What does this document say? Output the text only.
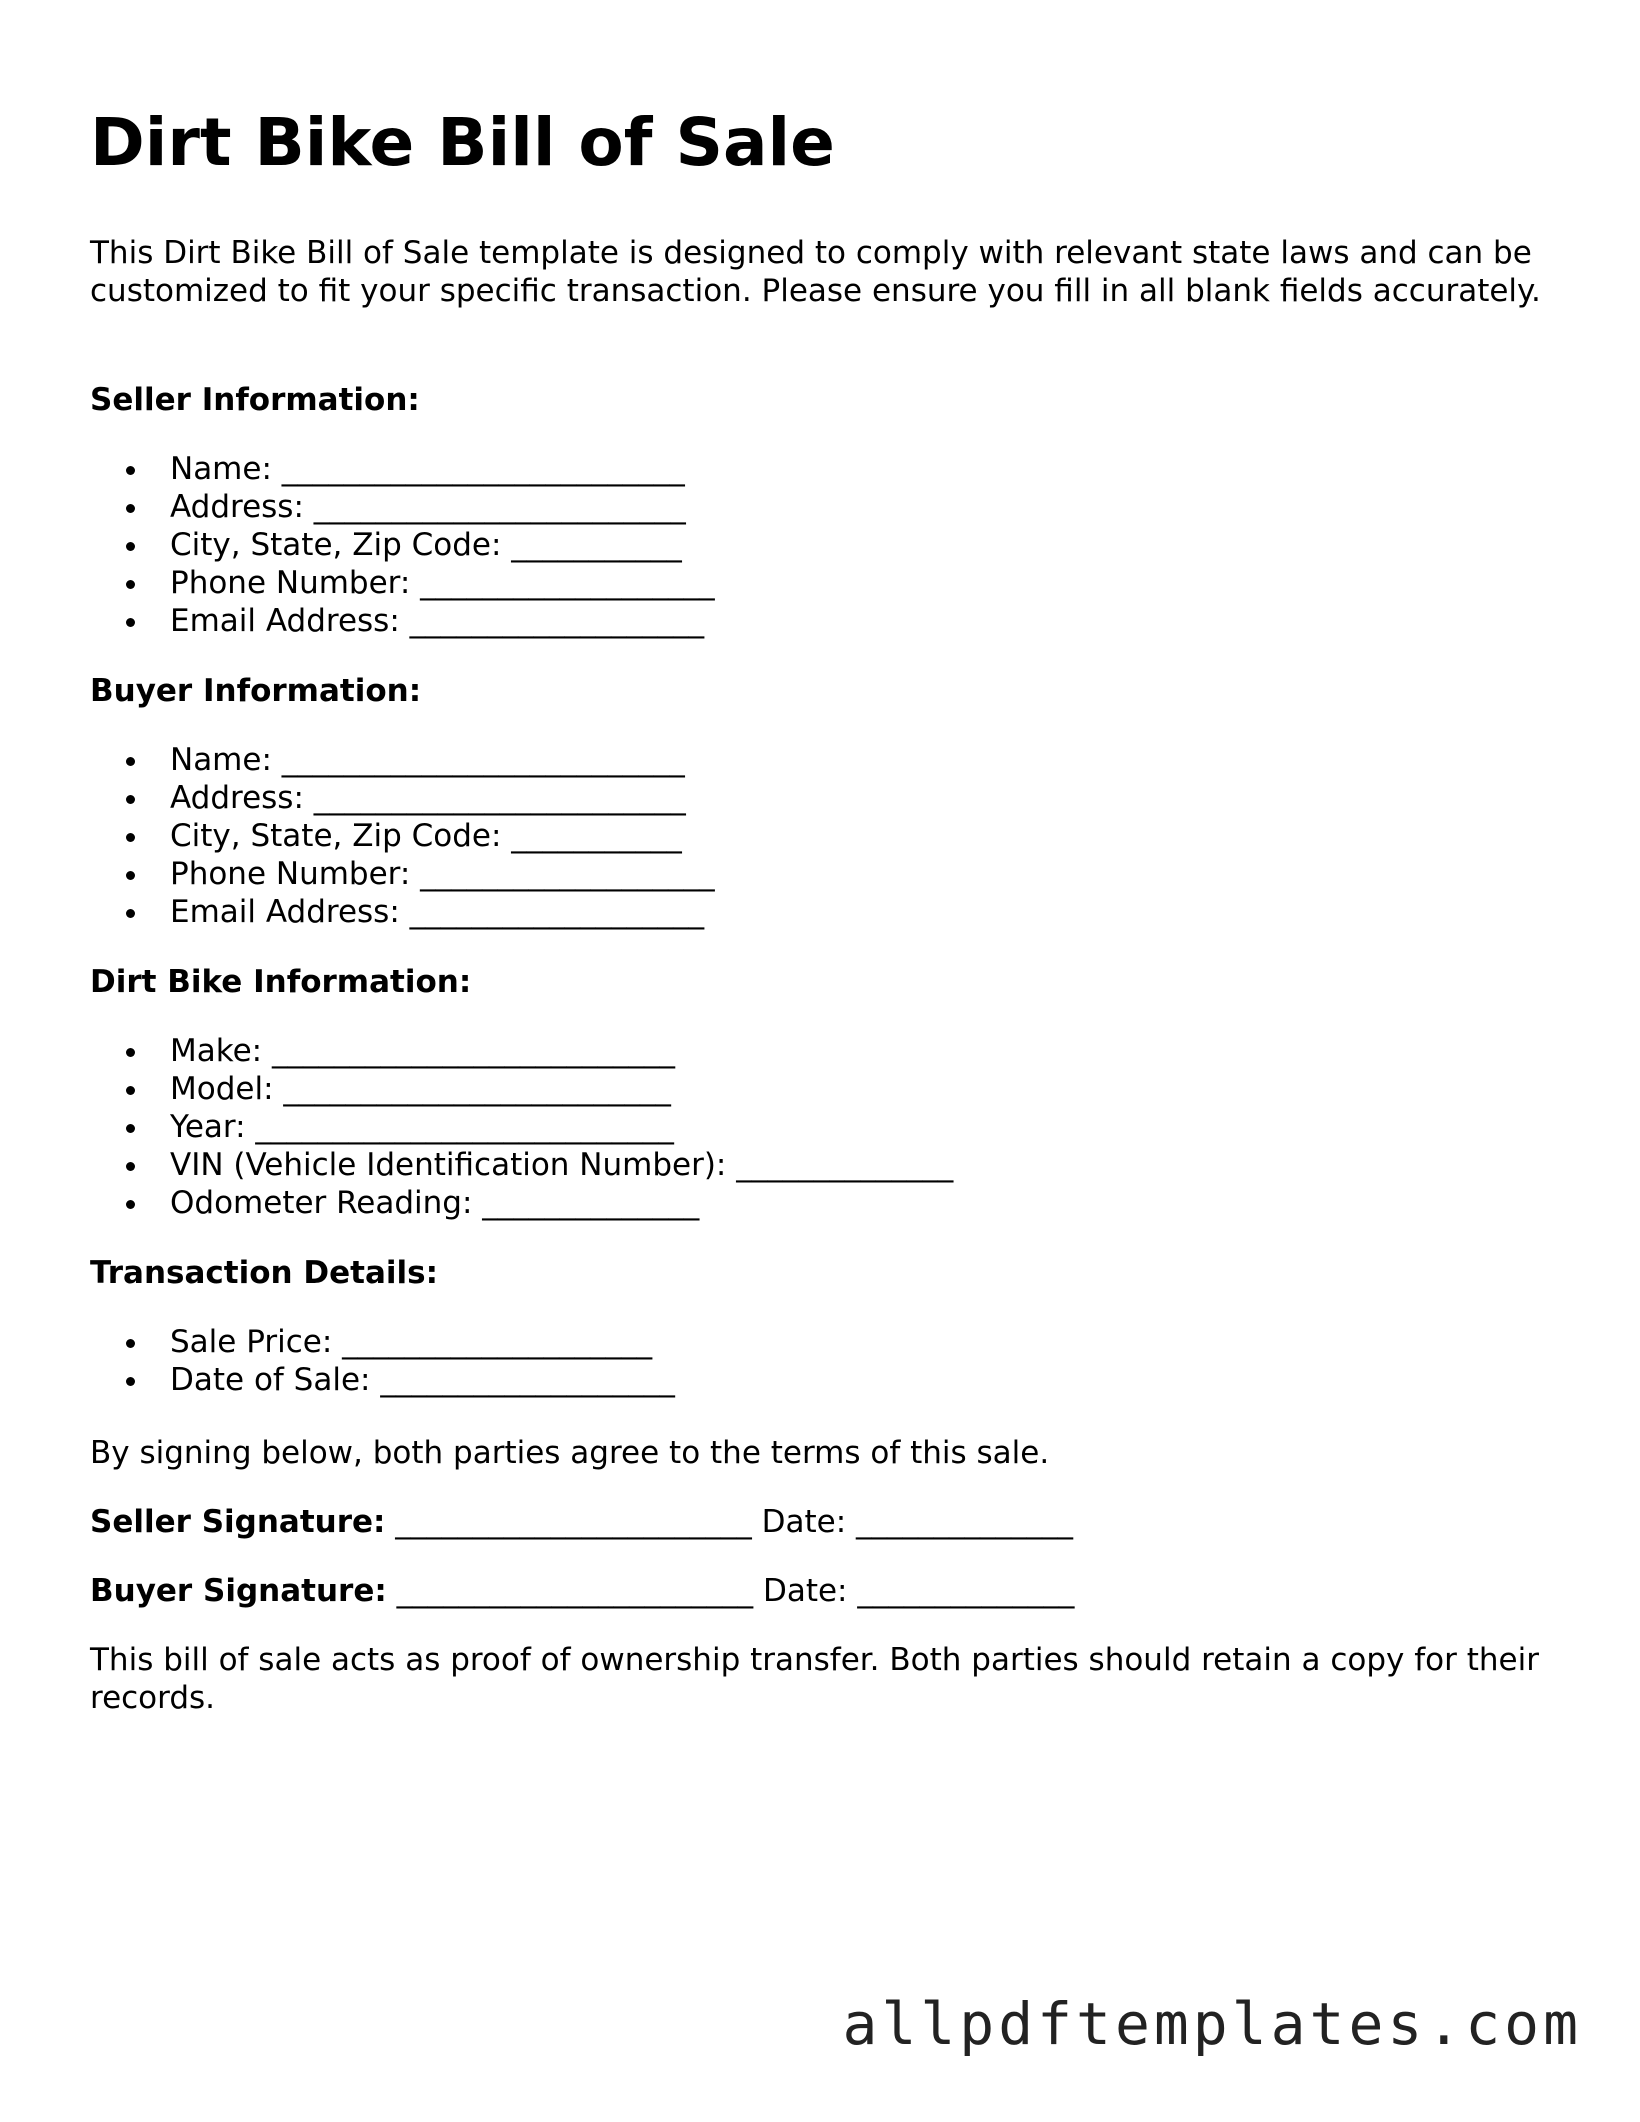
Dirt Bike Bill of Sale

This Dirt Bike Bill of Sale template is designed to comply with relevant state laws and can be customized to fit your specific transaction. Please ensure you fill in all blank fields accurately.

Seller Information:

Name: __________________________
Address: ________________________
City, State, Zip Code: ___________
Phone Number: ___________________
Email Address: ___________________

Buyer Information:

Name: __________________________
Address: ________________________
City, State, Zip Code: ___________
Phone Number: ___________________
Email Address: ___________________

Dirt Bike Information:

Make: __________________________
Model: _________________________
Year: ___________________________
VIN (Vehicle Identification Number): ______________
Odometer Reading: ______________

Transaction Details:

Sale Price: ____________________
Date of Sale: ___________________

By signing below, both parties agree to the terms of this sale.

Seller Signature: _______________________ Date: ______________

Buyer Signature: _______________________ Date: ______________

This bill of sale acts as proof of ownership transfer. Both parties should retain a copy for their records.

allpdftemplates.com
